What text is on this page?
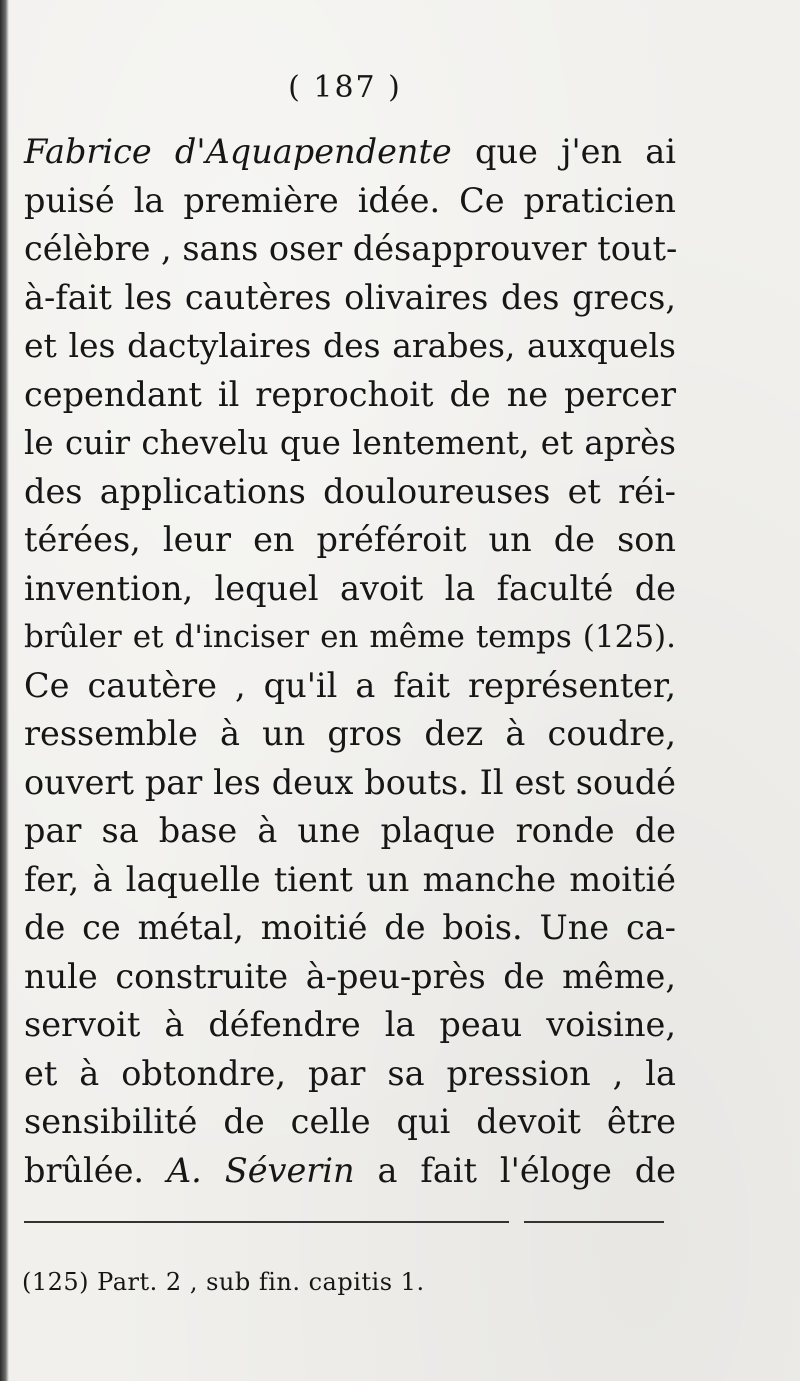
( 187 )
Fabrice d'Aquapendente que j'en ai
puisé la première idée. Ce praticien
célèbre , sans oser désapprouver tout-
à-fait les cautères olivaires des grecs,
et les dactylaires des arabes, auxquels
cependant il reprochoit de ne percer
le cuir chevelu que lentement, et après
des applications douloureuses et réi-
térées, leur en préféroit un de son
invention, lequel avoit la faculté de
brûler et d'inciser en même temps (125).
Ce cautère , qu'il a fait représenter,
ressemble à un gros dez à coudre,
ouvert par les deux bouts. Il est soudé
par sa base à une plaque ronde de
fer, à laquelle tient un manche moitié
de ce métal, moitié de bois. Une ca-
nule construite à-peu-près de même,
servoit à défendre la peau voisine,
et à obtondre, par sa pression , la
sensibilité de celle qui devoit être
brûlée. A. Séverin a fait l'éloge de
(125) Part. 2 , sub fin. capitis 1.
